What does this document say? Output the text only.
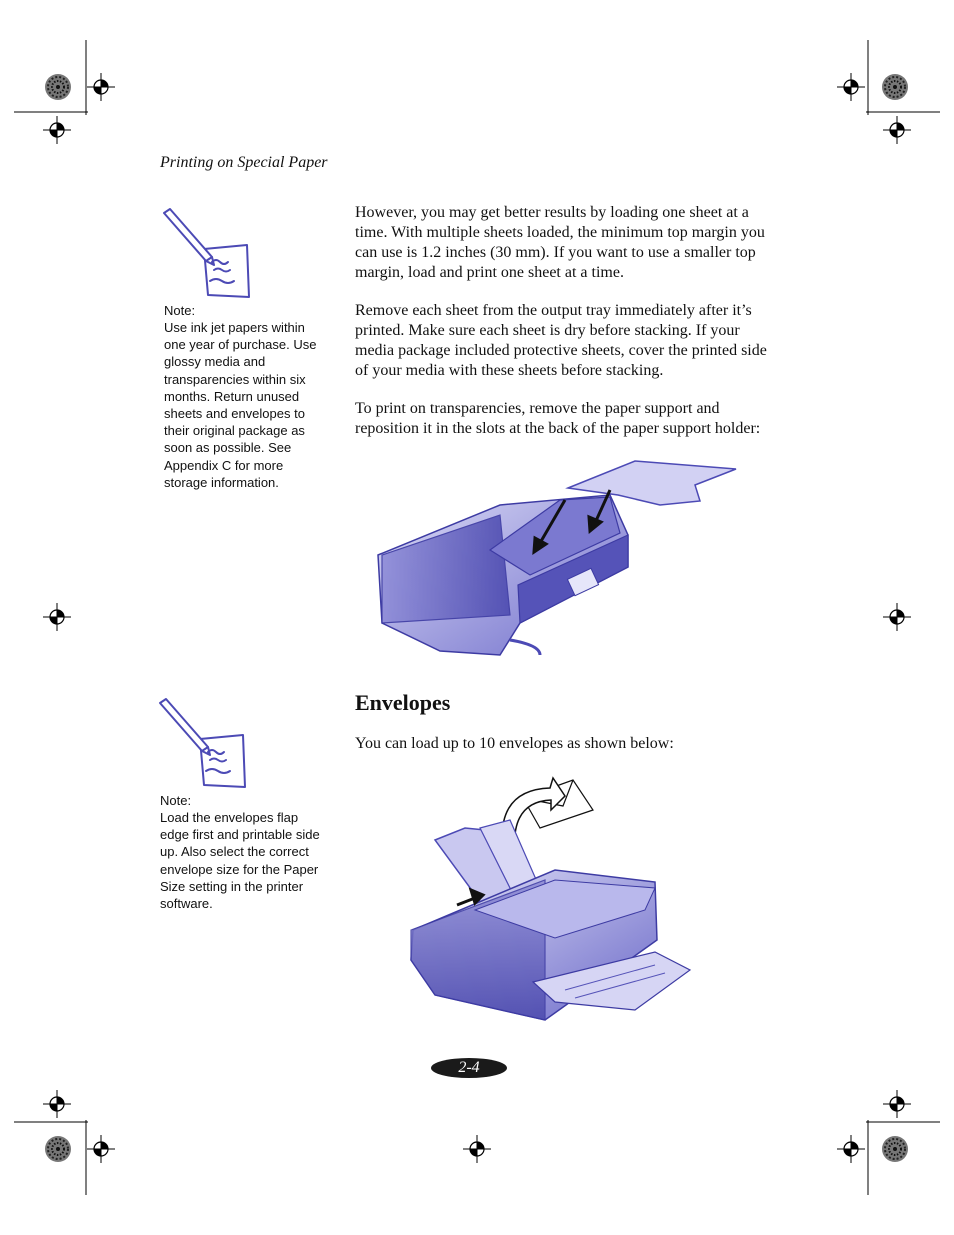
Printing on Special Paper
Note:
Use ink jet papers within one year of purchase. Use glossy media and transparencies within six months. Return unused sheets and envelopes to their original package as soon as possible. See Appendix C for more storage information.
However, you may get better results by loading one sheet at a time. With multiple sheets loaded, the minimum top margin you can use is 1.2 inches (30 mm). If you want to use a smaller top margin, load and print one sheet at a time.
Remove each sheet from the output tray immediately after it’s printed. Make sure each sheet is dry before stacking. If your media package included protective sheets, cover the printed side of your media with these sheets before stacking.
To print on transparencies, remove the paper support and reposition it in the slots at the back of the paper support holder:
Envelopes
You can load up to 10 envelopes as shown below:
Note:
Load the envelopes flap edge first and printable side up. Also select the correct envelope size for the Paper Size setting in the printer software.
2-4
